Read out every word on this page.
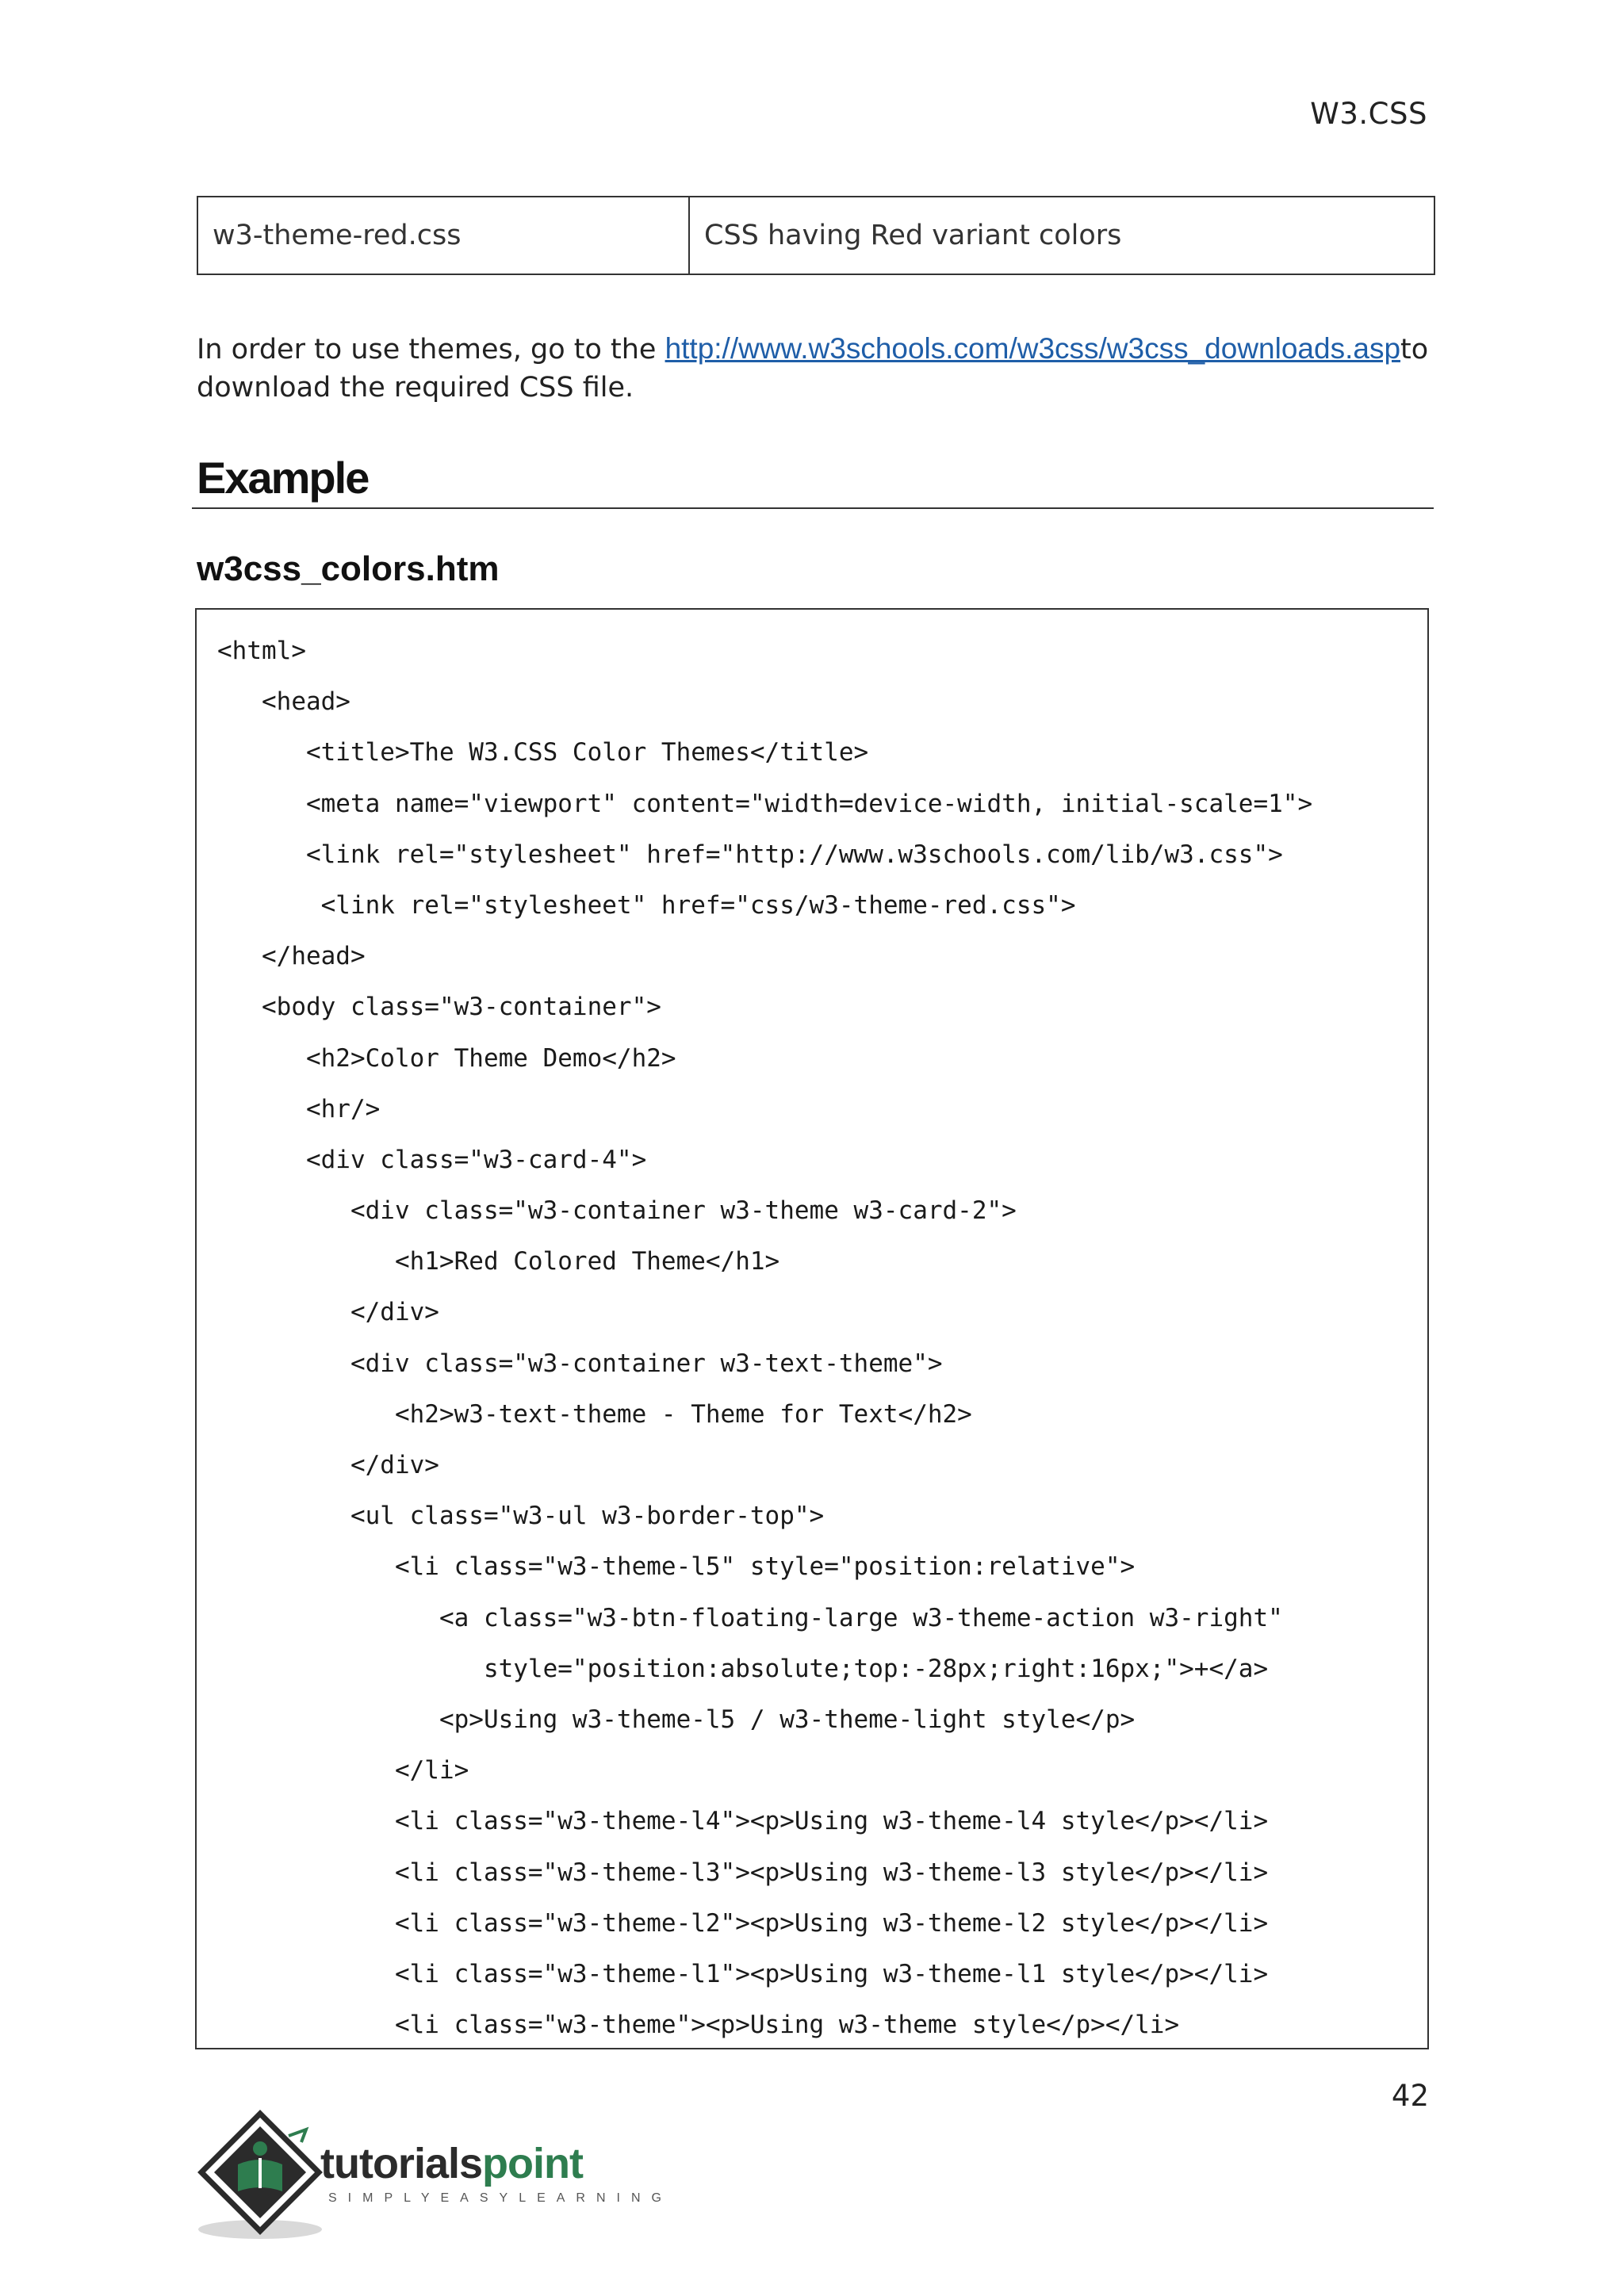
W3.CSS
w3-theme-red.css	CSS having Red variant colors
In order to use themes, go to the http://www.w3schools.com/w3css/w3css_downloads.aspto download the required CSS file.
Example
w3css_colors.htm
<html>
<head>
<title>The W3.CSS Color Themes</title>
<meta name="viewport" content="width=device-width, initial-scale=1">
<link rel="stylesheet" href="http://www.w3schools.com/lib/w3.css">
<link rel="stylesheet" href="css/w3-theme-red.css">
</head>
<body class="w3-container">
<h2>Color Theme Demo</h2>
<hr/>
<div class="w3-card-4">
<div class="w3-container w3-theme w3-card-2">
<h1>Red Colored Theme</h1>
</div>
<div class="w3-container w3-text-theme">
<h2>w3-text-theme - Theme for Text</h2>
</div>
<ul class="w3-ul w3-border-top">
<li class="w3-theme-l5" style="position:relative">
<a class="w3-btn-floating-large w3-theme-action w3-right"
style="position:absolute;top:-28px;right:16px;">+</a>
<p>Using w3-theme-l5 / w3-theme-light style</p>
</li>
<li class="w3-theme-l4"><p>Using w3-theme-l4 style</p></li>
<li class="w3-theme-l3"><p>Using w3-theme-l3 style</p></li>
<li class="w3-theme-l2"><p>Using w3-theme-l2 style</p></li>
<li class="w3-theme-l1"><p>Using w3-theme-l1 style</p></li>
<li class="w3-theme"><p>Using w3-theme style</p></li>
42
tutorialspoint
SIMPLYEASYLEARNING
